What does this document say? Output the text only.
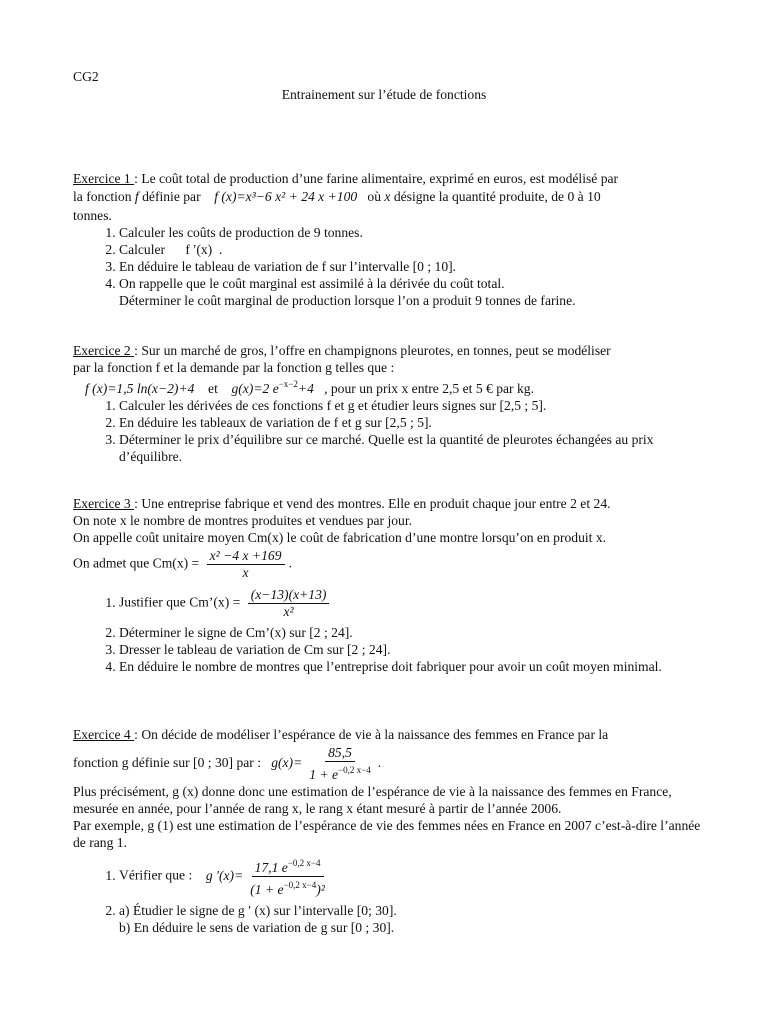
CG2

Entrainement sur l’étude de fonctions

Exercice 1 : Le coût total de production d’une farine alimentaire, exprimé en euros, est modélisé par

la fonction f définie par f (x)=x³−6 x² + 24 x +100 où x désigne la quantité produite, de 0 à 10

tonnes.

1. Calculer les coûts de production de 9 tonnes.
2. Calculer      f ′(x)  .
3. En déduire le tableau de variation de f sur l’intervalle [0 ; 10].
4. On rappelle que le coût marginal est assimilé à la dérivée du coût total.
Déterminer le coût marginal de production lorsque l’on a produit 9 tonnes de farine.

Exercice 2 : Sur un marché de gros, l’offre en champignons pleurotes, en tonnes, peut se modéliser

par la fonction f et la demande par la fonction g telles que :

f (x)=1,5 ln(x−2)+4 et g(x)=2 $e^{-x-2}+4$ , pour un prix x entre 2,5 et 5 € par kg.

1. Calculer les dérivées de ces fonctions f et g et étudier leurs signes sur [2,5 ; 5].
2. En déduire les tableaux de variation de f et g sur [2,5 ; 5].
3. Déterminer le prix d’équilibre sur ce marché. Quelle est la quantité de pleurotes échangées au prix d’équilibre.

Exercice 3 : Une entreprise fabrique et vend des montres. Elle en produit chaque jour entre 2 et 24.

On note x le nombre de montres produites et vendues par jour.

On appelle coût unitaire moyen Cm(x) le coût de fabrication d’une montre lorsqu’on en produit x.

On admet que $Cm(x) = \frac{\text{x² −4 x +169}}{x}$ .

1. Justifier que Cm’(x) = $\frac{(x-13)(x+13)}{\text{x²}}$
2. Déterminer le signe de Cm’(x) sur [2 ; 24].
3. Dresser le tableau de variation de Cm sur [2 ; 24].
4. En déduire le nombre de montres que l’entreprise doit fabriquer pour avoir un coût moyen minimal.

Exercice 4 : On décide de modéliser l’espérance de vie à la naissance des femmes en France par la

fonction g définie sur [0 ; 30] par : $g(x)= \frac{85,5}{1 + e^{-0,2 x-4}}$ .

Plus précisément, g (x) donne donc une estimation de l’espérance de vie à la naissance des femmes en France, mesurée en année, pour l’année de rang x, le rang x étant mesuré à partir de l’année 2006.

Par exemple, g (1) est une estimation de l’espérance de vie des femmes nées en France en 2007 c’est-à-dire l’année de rang 1.

1. Vérifier que : g $'(x)= \frac{17,1 e^{-0,2 x-4}}{(1 + e^{-0,2 x-4})^2}$
2. a) Étudier le signe de g ′ (x) sur l’intervalle [0; 30].
b) En déduire le sens de variation de g sur [0 ; 30].
